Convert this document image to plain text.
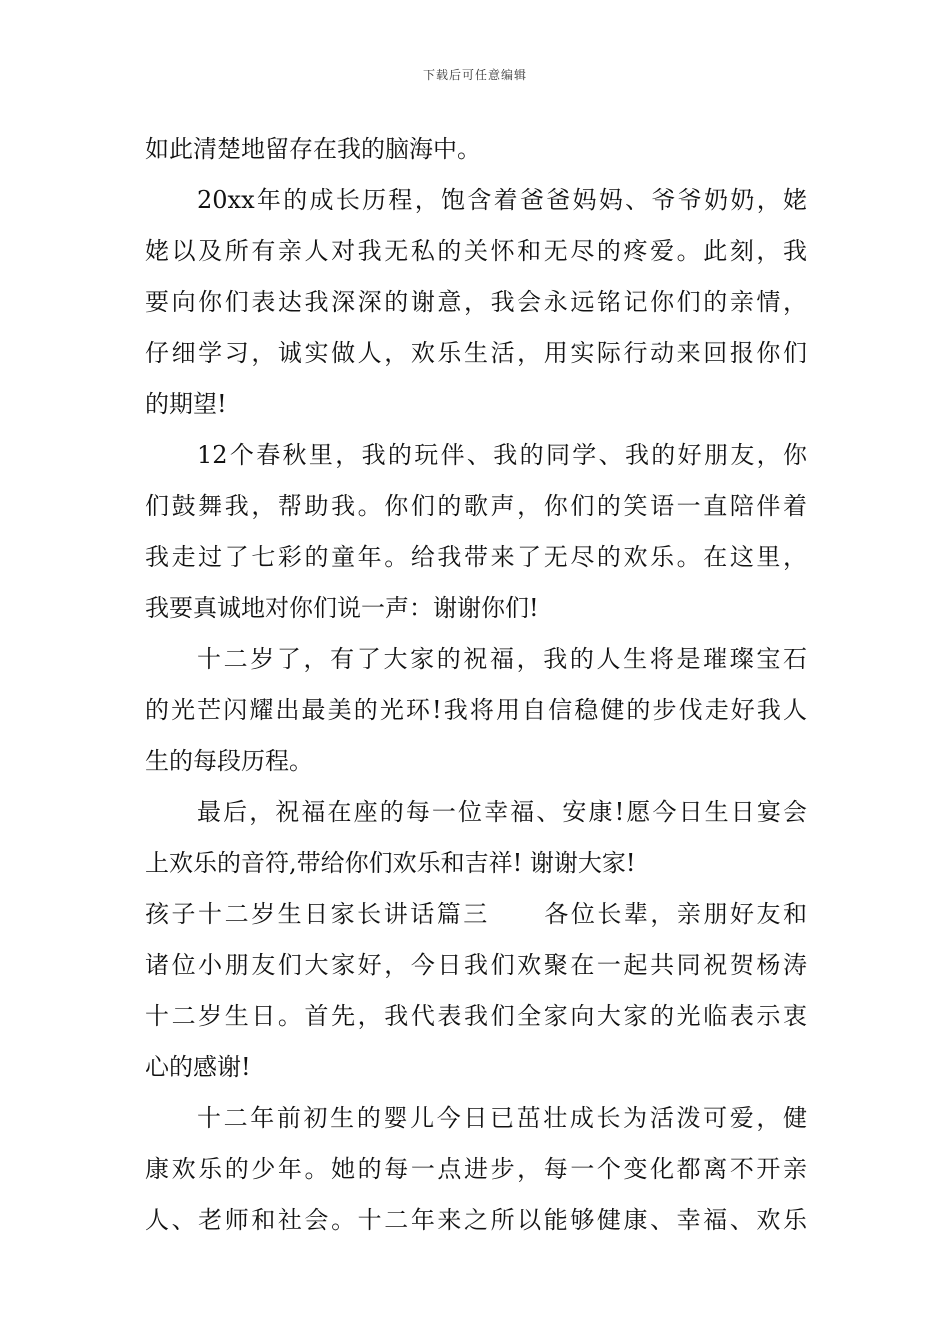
下载后可任意编辑
如此清楚地留存在我的脑海中。
20xx年的成长历程，饱含着爸爸妈妈、爷爷奶奶，姥
姥以及所有亲人对我无私的关怀和无尽的疼爱。此刻，我
要向你们表达我深深的谢意，我会永远铭记你们的亲情，
仔细学习，诚实做人，欢乐生活，用实际行动来回报你们
的期望!
12个春秋里，我的玩伴、我的同学、我的好朋友，你
们鼓舞我，帮助我。你们的歌声，你们的笑语一直陪伴着
我走过了七彩的童年。给我带来了无尽的欢乐。在这里，
我要真诚地对你们说一声：谢谢你们!
十二岁了，有了大家的祝福，我的人生将是璀璨宝石
的光芒闪耀出最美的光环!我将用自信稳健的步伐走好我人
生的每段历程。
最后，祝福在座的每一位幸福、安康!愿今日生日宴会
上欢乐的音符,带给你们欢乐和吉祥! 谢谢大家!
孩子十二岁生日家长讲话篇三 各位长辈，亲朋好友和
诸位小朋友们大家好，今日我们欢聚在一起共同祝贺杨涛
十二岁生日。首先，我代表我们全家向大家的光临表示衷
心的感谢!
十二年前初生的婴儿今日已茁壮成长为活泼可爱，健
康欢乐的少年。她的每一点进步，每一个变化都离不开亲
人、老师和社会。十二年来之所以能够健康、幸福、欢乐
